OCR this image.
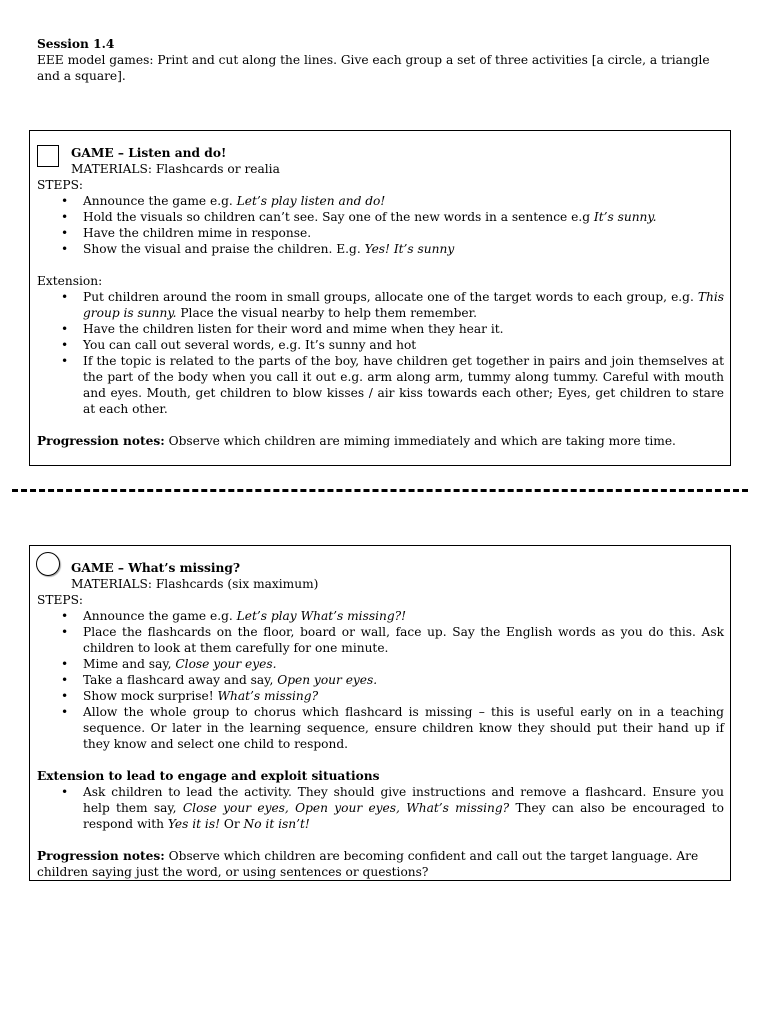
Session 1.4
EEE model games: Print and cut along the lines. Give each group a set of three activities [a circle, a triangle and a square].
GAME – Listen and do!
MATERIALS: Flashcards or realia
STEPS:
• Announce the game e.g. Let’s play listen and do!
• Hold the visuals so children can’t see. Say one of the new words in a sentence e.g It’s sunny.
• Have the children mime in response.
• Show the visual and praise the children. E.g. Yes! It’s sunny
Extension:
• Put children around the room in small groups, allocate one of the target words to each group, e.g. This group is sunny. Place the visual nearby to help them remember.
• Have the children listen for their word and mime when they hear it.
• You can call out several words, e.g. It’s sunny and hot
• If the topic is related to the parts of the boy, have children get together in pairs and join themselves at the part of the body when you call it out e.g. arm along arm, tummy along tummy. Careful with mouth and eyes. Mouth, get children to blow kisses / air kiss towards each other; Eyes, get children to stare at each other.
Progression notes: Observe which children are miming immediately and which are taking more time.
GAME – What’s missing?
MATERIALS: Flashcards (six maximum)
STEPS:
• Announce the game e.g. Let’s play What’s missing?!
• Place the flashcards on the floor, board or wall, face up. Say the English words as you do this. Ask children to look at them carefully for one minute.
• Mime and say, Close your eyes.
• Take a flashcard away and say, Open your eyes.
• Show mock surprise! What’s missing?
• Allow the whole group to chorus which flashcard is missing – this is useful early on in a teaching sequence. Or later in the learning sequence, ensure children know they should put their hand up if they know and select one child to respond.
Extension to lead to engage and exploit situations
• Ask children to lead the activity. They should give instructions and remove a flashcard. Ensure you help them say, Close your eyes, Open your eyes, What’s missing? They can also be encouraged to respond with Yes it is! Or No it isn’t!
Progression notes: Observe which children are becoming confident and call out the target language. Are children saying just the word, or using sentences or questions?
